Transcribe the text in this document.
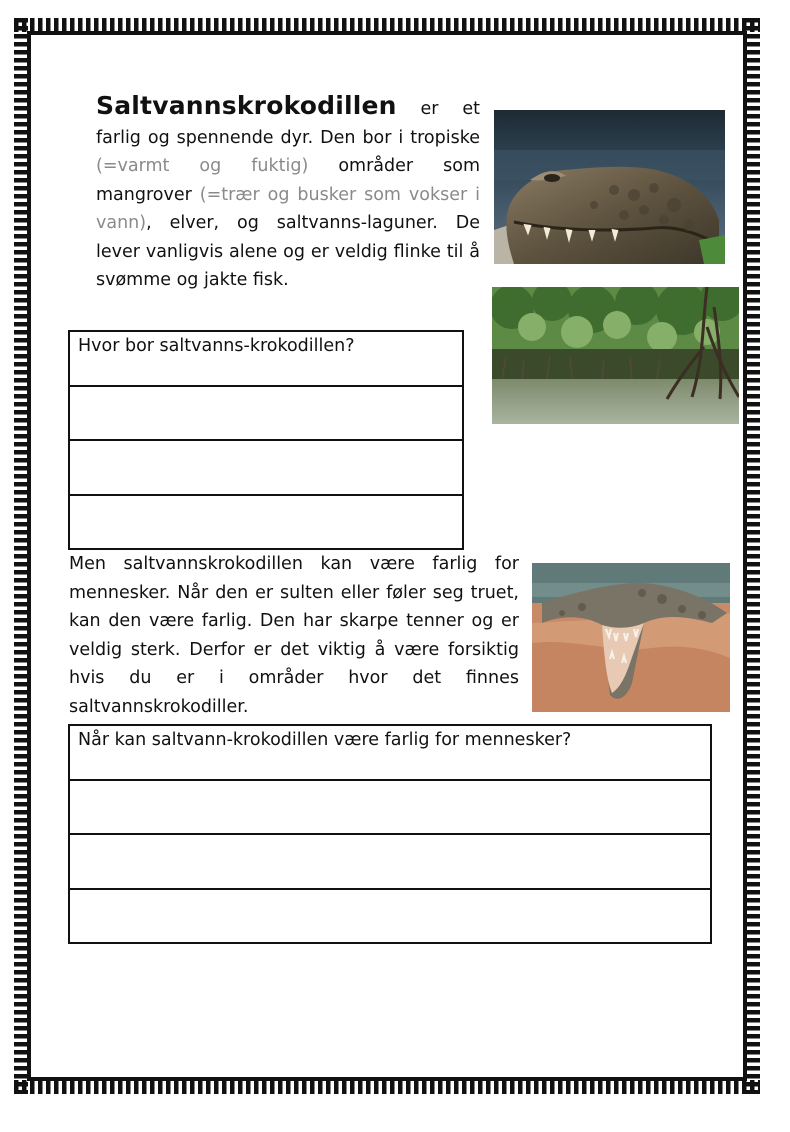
Saltvannskrokodillen er et farlig og spennende dyr. Den bor i tropiske (=varmt og fuktig) områder som mangrover (=trær og busker som vokser i vann), elver, og saltvanns-laguner. De lever vanligvis alene og er veldig flinke til å svømme og jakte fisk.

Hvor bor saltvanns-krokodillen?

Men saltvannskrokodillen kan være farlig for mennesker. Når den er sulten eller føler seg truet, kan den være farlig. Den har skarpe tenner og er veldig sterk. Derfor er det viktig å være forsiktig hvis du er i områder hvor det finnes saltvannskrokodiller.

Når kan saltvann-krokodillen være farlig for mennesker?
